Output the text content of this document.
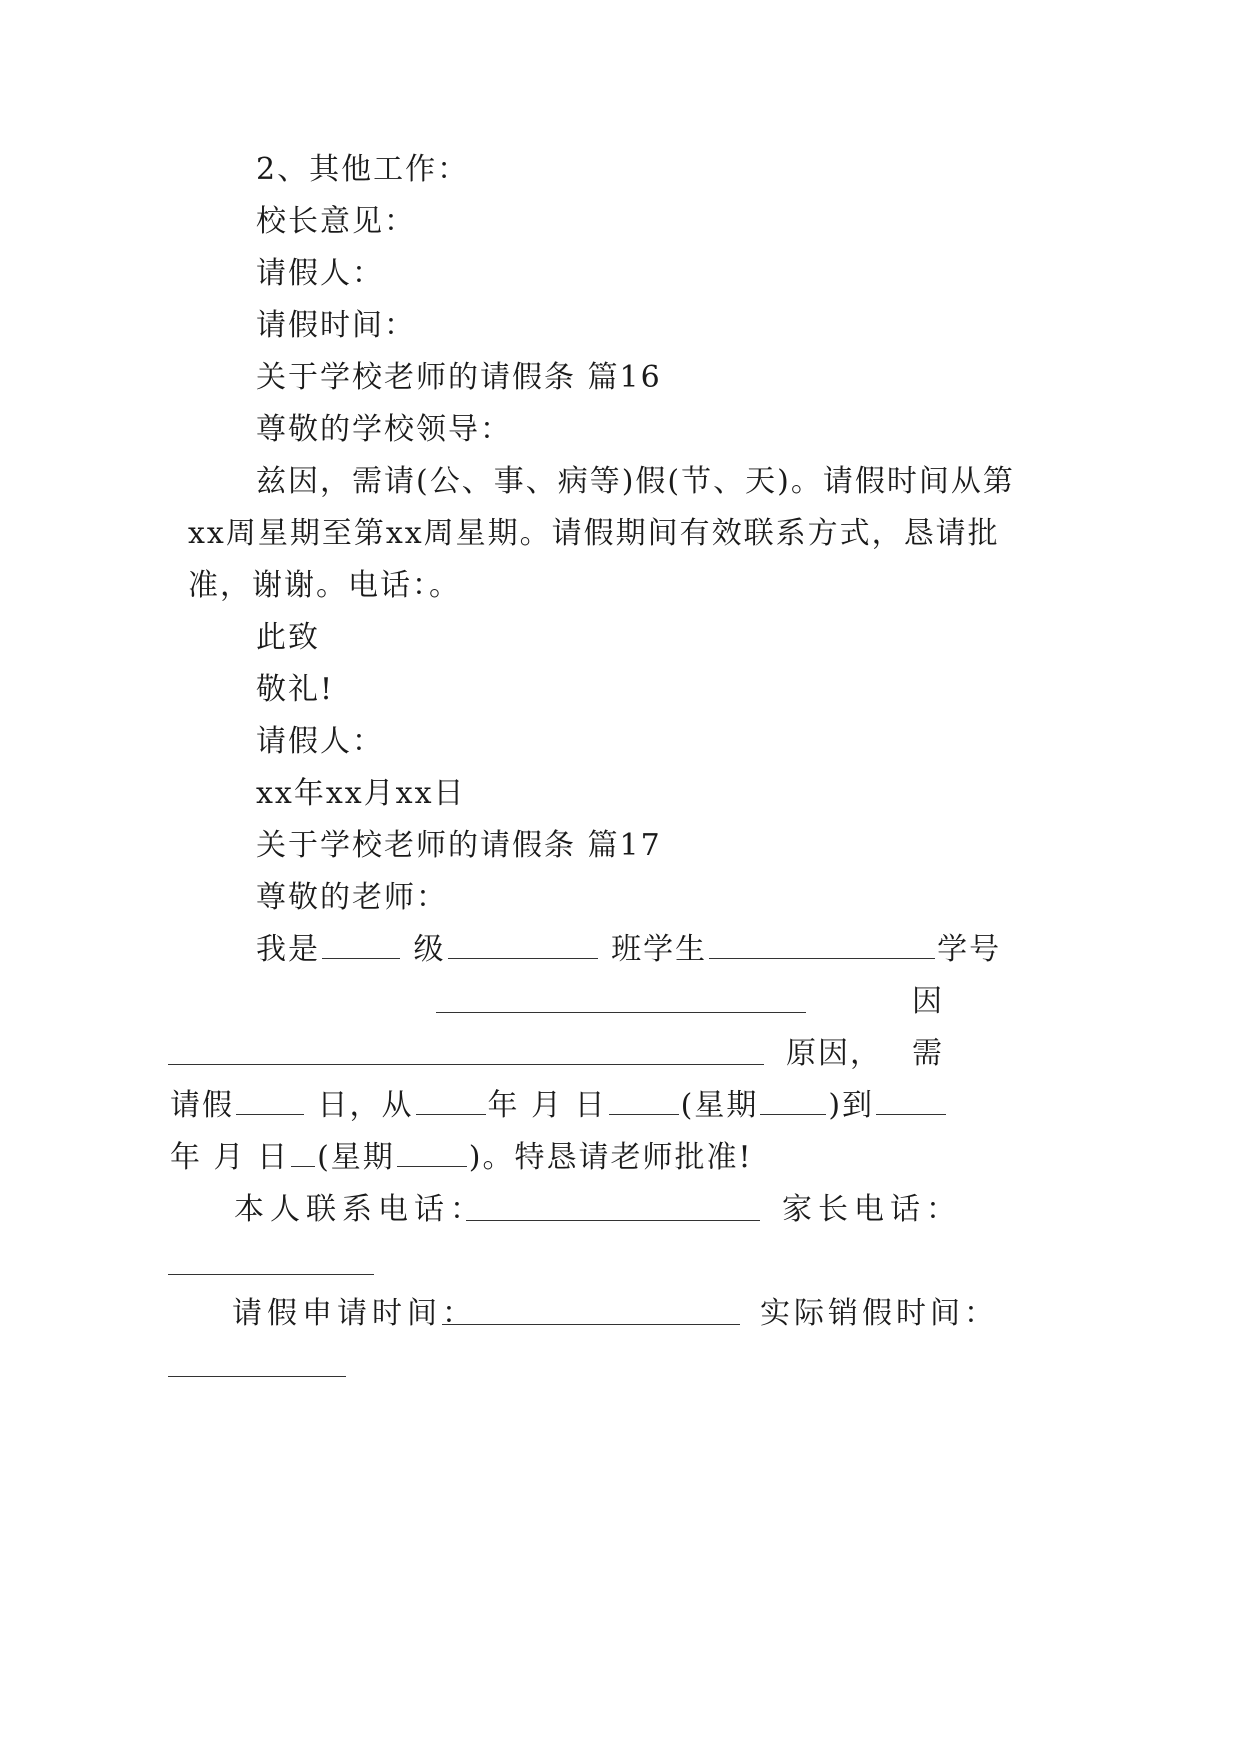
2、其他工作：
校长意见：
请假人：
请假时间：
关于学校老师的请假条 篇16
尊敬的学校领导：
兹因，需请(公、事、病等)假(节、天)。请假时间从第
xx周星期至第xx周星期。请假期间有效联系方式，恳请批
准，谢谢。电话：。
此致
敬礼!
请假人：
xx年xx月xx日
关于学校老师的请假条 篇17
尊敬的老师：
我是	级	班学生	学号
因
原因，	需
请假	日，从 年 月 日 (星期 )到
年 月 日 (星期 )。特恳请老师批准!
本人联系电话：	家长电话：
请假申请时间：	实际销假时间：
